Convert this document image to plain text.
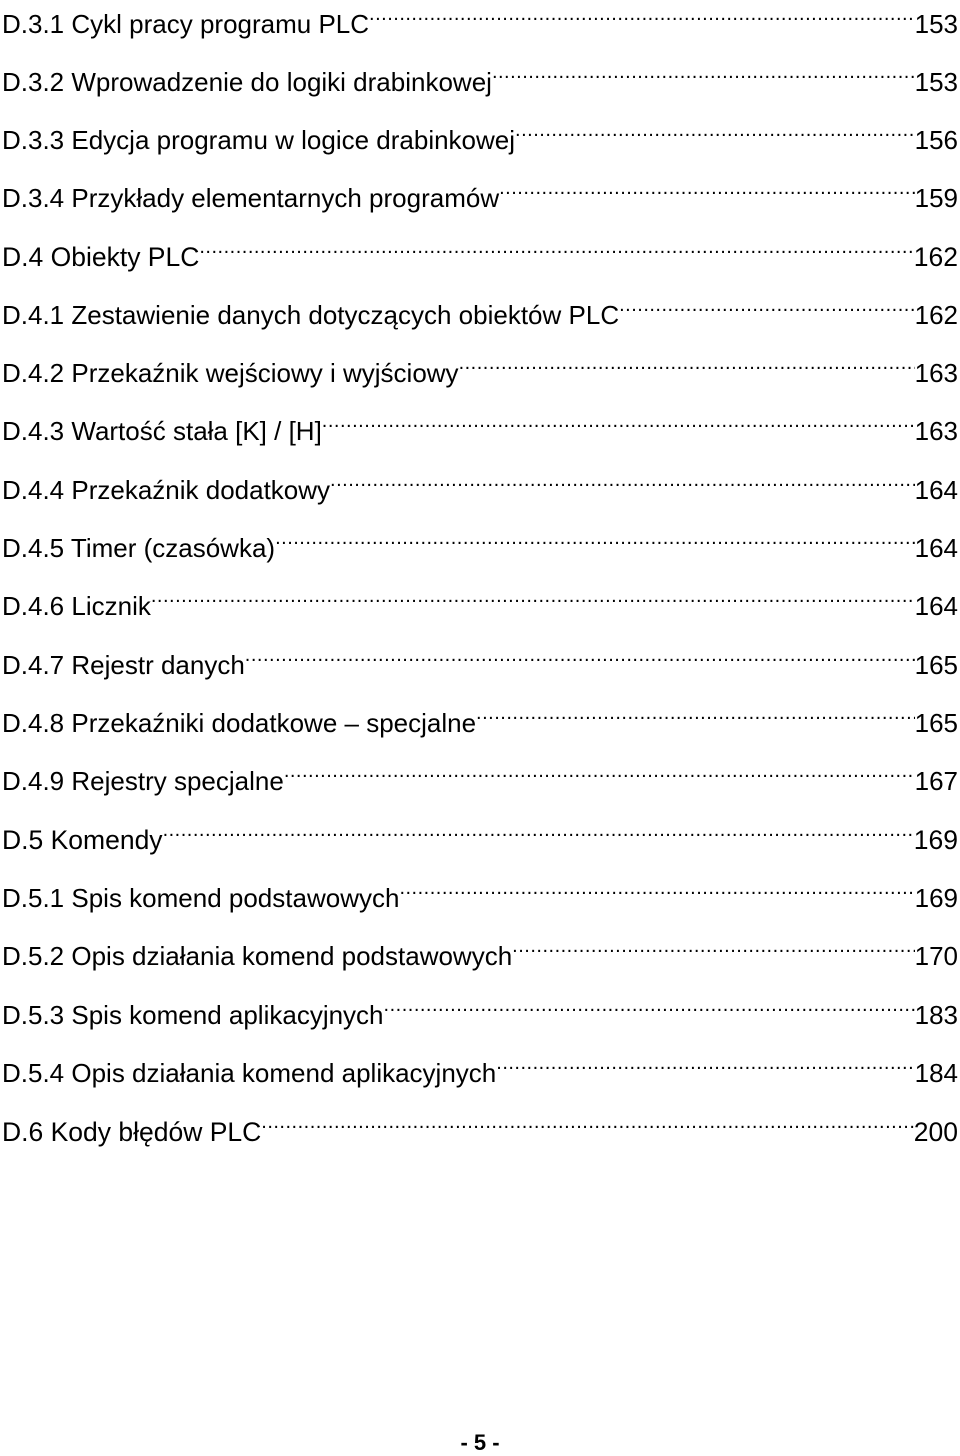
D.3.1 Cykl pracy programu PLC .....	153
D.3.2 Wprowadzenie do logiki drabinkowej .....	153
D.3.3 Edycja programu w logice drabinkowej .....	156
D.3.4 Przykłady elementarnych programów .....	159
D.4 Obiekty PLC .....	162
D.4.1 Zestawienie danych dotyczących obiektów PLC .....	162
D.4.2 Przekaźnik wejściowy i wyjściowy .....	163
D.4.3 Wartość stała [K] / [H] .....	163
D.4.4 Przekaźnik dodatkowy .....	164
D.4.5 Timer (czasówka) .....	164
D.4.6 Licznik .....	164
D.4.7 Rejestr danych .....	165
D.4.8 Przekaźniki dodatkowe – specjalne .....	165
D.4.9 Rejestry specjalne .....	167
D.5 Komendy .....	169
D.5.1 Spis komend podstawowych .....	169
D.5.2 Opis działania komend podstawowych .....	170
D.5.3 Spis komend aplikacyjnych .....	183
D.5.4 Opis działania komend aplikacyjnych .....	184
D.6 Kody błędów PLC .....	200
- 5 -
